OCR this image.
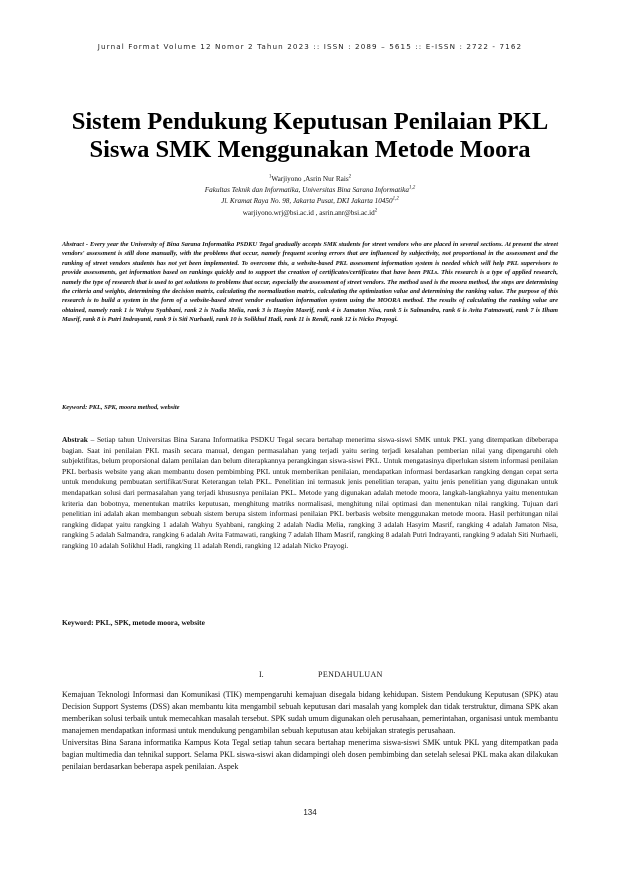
Jurnal Format Volume 12 Nomor 2 Tahun 2023 :: ISSN : 2089 – 5615 :: E-ISSN : 2722 - 7162
Sistem Pendukung Keputusan Penilaian PKL
Siswa SMK Menggunakan Metode Moora
$^1$Warjiyono ,Asrin Nur Rais$^2$
Fakultas Teknik dan Informatika, Universitas Bina Sarana Informatika$^{1,2}$
Jl. Kramat Raya No. 98, Jakarta Pusat, DKI Jakarta 10450$^{1,2}$
warjiyono.wrj@bsi.ac.id , $asrin.anr@bsi.ac.id^2$
Abstract - Every year the University of Bina Sarana Informatika PSDKU Tegal gradually accepts SMK students for street vendors who are placed in several sections. At present the street vendors' assessment is still done manually, with the problems that occur, namely frequent scoring errors that are influenced by subjectivity, not proportional in the assessment and the ranking of street vendors students has not yet been implemented. To overcome this, a website-based PKL assessment information system is needed which will help PKL supervisors to provide assessments, get information based on rankings quickly and to support the creation of certificates/certificates that have been PKLs. This research is a type of applied research, namely the type of research that is used to get solutions to problems that occur, especially the assessment of street vendors. The method used is the moora method, the steps are determining the criteria and weights, determining the decision matrix, calculating the normalization matrix, calculating the optimization value and determining the ranking value. The purpose of this research is to build a system in the form of a website-based street vendor evaluation information system using the MOORA method. The results of calculating the ranking value are obtained, namely rank 1 is Wahyu Syahbani, rank 2 is Nadia Melia, rank 3 is Hasyim Masrif, rank 4 is Jamaton Nisa, rank 5 is Salmandra, rank 6 is Avita Fatmawati, rank 7 is Ilham Masrif, rank 8 is Putri Indrayanti, rank 9 is Siti Nurhaeli, rank 10 is Solikhul Hadi, rank 11 is Rendi, rank 12 is Nicko Prayogi.
Keyword: PKL, SPK, moora method, website
Abstrak – Setiap tahun Universitas Bina Sarana Informatika PSDKU Tegal secara bertahap menerima siswa-siswi SMK untuk PKL yang ditempatkan dibeberapa bagian. Saat ini penilaian PKL masih secara manual, dengan permasalahan yang terjadi yaitu sering terjadi kesalahan pemberian nilai yang dipengaruhi oleh subjektifitas, belum proporsional dalam penilaian dan belum diterapkannya perangkingan siswa-siswi PKL. Untuk mengatasinya diperlukan sistem informasi penilaian PKL berbasis website yang akan membantu dosen pembimbing PKL untuk memberikan penilaian, mendapatkan informasi berdasarkan rangking dengan cepat serta untuk mendukung pembuatan sertifikat/Surat Keterangan telah PKL. Penelitian ini termasuk jenis penelitian terapan, yaitu jenis penelitian yang digunakan untuk mendapatkan solusi dari permasalahan yang terjadi khususnya penilaian PKL. Metode yang digunakan adalah metode moora, langkah-langkahnya yaitu menentukan kriteria dan bobotnya, menentukan matriks keputusan, menghitung matriks normalisasi, menghitung nilai optimasi dan menentukan nilai rangking. Tujuan dari penelitian ini adalah akan membangun sebuah sistem berupa sistem informasi penilaian PKL berbasis website menggunakan metode moora. Hasil perhitungan nilai rangking didapat yaitu rangking 1 adalah Wahyu Syahbani, rangking 2 adalah Nadia Melia, rangking 3 adalah Hasyim Masrif, rangking 4 adalah Jamaton Nisa, rangking 5 adalah Salmandra, rangking 6 adalah Avita Fatmawati, rangking 7 adalah Ilham Masrif, rangking 8 adalah Putri Indrayanti, rangking 9 adalah Siti Nurhaeli, rangking 10 adalah Solikhul Hadi, rangking 11 adalah Rendi, rangking 12 adalah Nicko Prayogi.
Keyword: PKL, SPK, metode moora, website
I.	PENDAHULUAN

Kemajuan Teknologi Informasi dan Komunikasi (TIK) mempengaruhi kemajuan disegala bidang kehidupan. Sistem Pendukung Keputusan (SPK) atau Decision Support Systems (DSS) akan membantu kita mengambil sebuah keputusan dari masalah yang komplek dan tidak terstruktur, dimana SPK akan memberikan solusi terbaik untuk memecahkan masalah tersebut. SPK sudah umum digunakan oleh perusahaan, pemerintahan, organisasi untuk membantu manajemen mendapatkan informasi untuk mendukung pengambilan sebuah keputusan atau kebijakan strategis perusahaan.

Universitas Bina Sarana informatika Kampus Kota Tegal setiap tahun secara bertahap menerima siswa-siswi SMK untuk PKL yang ditempatkan pada bagian multimedia dan tehnikal support. Selama PKL siswa-siswi akan didampingi oleh dosen pembimbing dan setelah selesai PKL maka akan dilakukan penilaian berdasarkan beberapa aspek penilaian. Aspek

134
